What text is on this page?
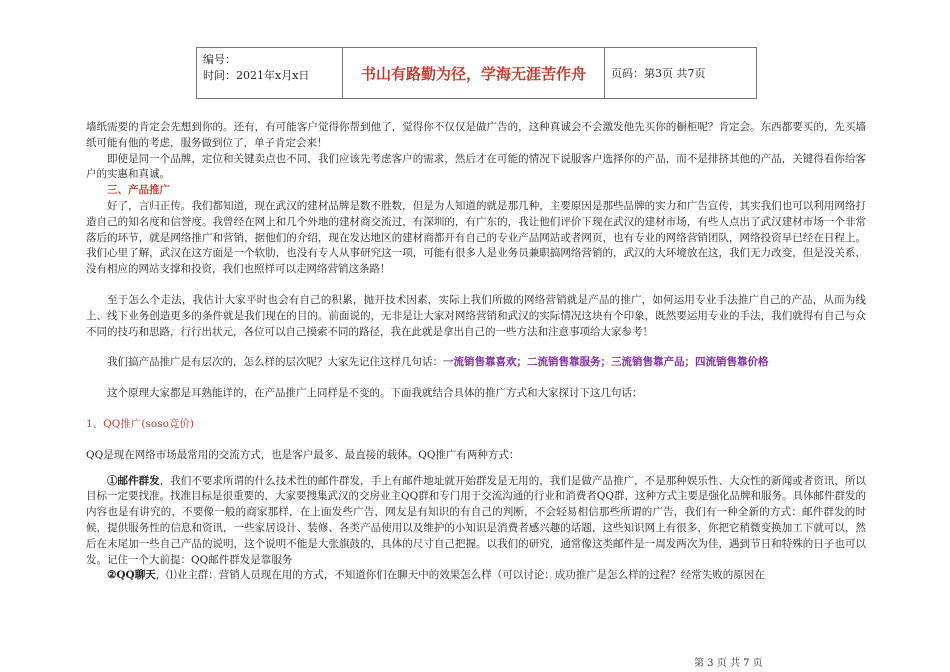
编号：
时间：2021年x月x日	书山有路勤为径，学海无涯苦作舟	页码：第3页 共7页

墙纸需要的肯定会先想到你的。还有，有可能客户觉得你帮到他了，觉得你不仅仅是做广告的，这种真诚会不会激发他先买你的橱柜呢？肯定会。东西都要买的，先买墙纸可能有他的考虑，服务做到位了，单子肯定会来！

即使是同一个品牌，定位和关键卖点也不同，我们应该先考虑客户的需求，然后才在可能的情况下说服客户选择你的产品，而不是排挤其他的产品，关键得看你给客户的实惠和真诚。

三、产品推广

好了，言归正传。我们都知道，现在武汉的建材品牌是数不胜数，但是为人知道的就是那几种，主要原因是那些品牌的实力和广告宣传，其实我们也可以利用网络打造自己的知名度和信誉度。我曾经在网上和几个外地的建材商交流过，有深圳的，有广东的，我让他们评价下现在武汉的建材市场，有些人点出了武汉建材市场一个非常落后的环节，就是网络推广和营销，据他们的介绍，现在发达地区的建材商都开有自己的专业产品网站或者网页，也有专业的网络营销团队，网络投资早已经在日程上。我们心里了解，武汉在这方面是一个软肋，也没有专人从事研究这一项，可能有很多人是业务员兼职搞网络营销的，武汉的大环境放在这，我们无力改变，但是没关系，没有相应的网站支撑和投资，我们也照样可以走网络营销这条路！

至于怎么个走法，我估计大家平时也会有自己的积累，抛开技术因素，实际上我们所做的网络营销就是产品的推广，如何运用专业手法推广自己的产品，从而为线上、线下业务创造更多的条件就是我们现在的目的。前面说的，无非是让大家对网络营销和武汉的实际情况这块有个印象，既然要运用专业的手法，我们就得有自己与众不同的技巧和思路，行行出状元，各位可以自己摸索不同的路径，我在此就是拿出自己的一些方法和注意事项给大家参考！

我们搞产品推广是有层次的，怎么样的层次呢？大家先记住这样几句话：一流销售靠喜欢；二流销售靠服务；三流销售靠产品；四流销售靠价格

这个原理大家都是耳熟能详的，在产品推广上同样是不变的。下面我就结合具体的推广方式和大家探讨下这几句话：

1、QQ推广(soso竞价)

QQ是现在网络市场最常用的交流方式，也是客户最多、最直接的载体。QQ推广有两种方式：

①邮件群发，我们不要求所谓的什么技术性的邮件群发，手上有邮件地址就开始群发是无用的，我们是做产品推广，不是那种娱乐性、大众性的新闻或者资讯，所以目标一定要找准。找准目标是很重要的，大家要搜集武汉的交房业主QQ群和专门用于交流沟通的行业和消费者QQ群，这种方式主要是强化品牌和服务。具体邮件群发的内容也是有讲究的，不要像一般的商家那样，在上面发些广告，网友是有知识的有自己的判断，不会轻易相信那些所谓的广告，我们有一种全新的方式：邮件群发的时候，提供服务性的信息和资讯，一些家居设计、装修、各类产品使用以及维护的小知识是消费者感兴趣的话题，这些知识网上有很多，你把它稍微变换加工下就可以，然后在末尾加一些自己产品的说明，这个说明不能是大张旗鼓的，具体的尺寸自己把握。以我们的研究，通常像这类邮件是一周发两次为佳，遇到节日和特殊的日子也可以发。记住一个大前提：QQ邮件群发是靠服务

②QQ聊天，⑴业主群：营销人员现在用的方式，不知道你们在聊天中的效果怎么样（可以讨论：成功推广是怎么样的过程？经常失败的原因在

第 3 页 共 7 页
